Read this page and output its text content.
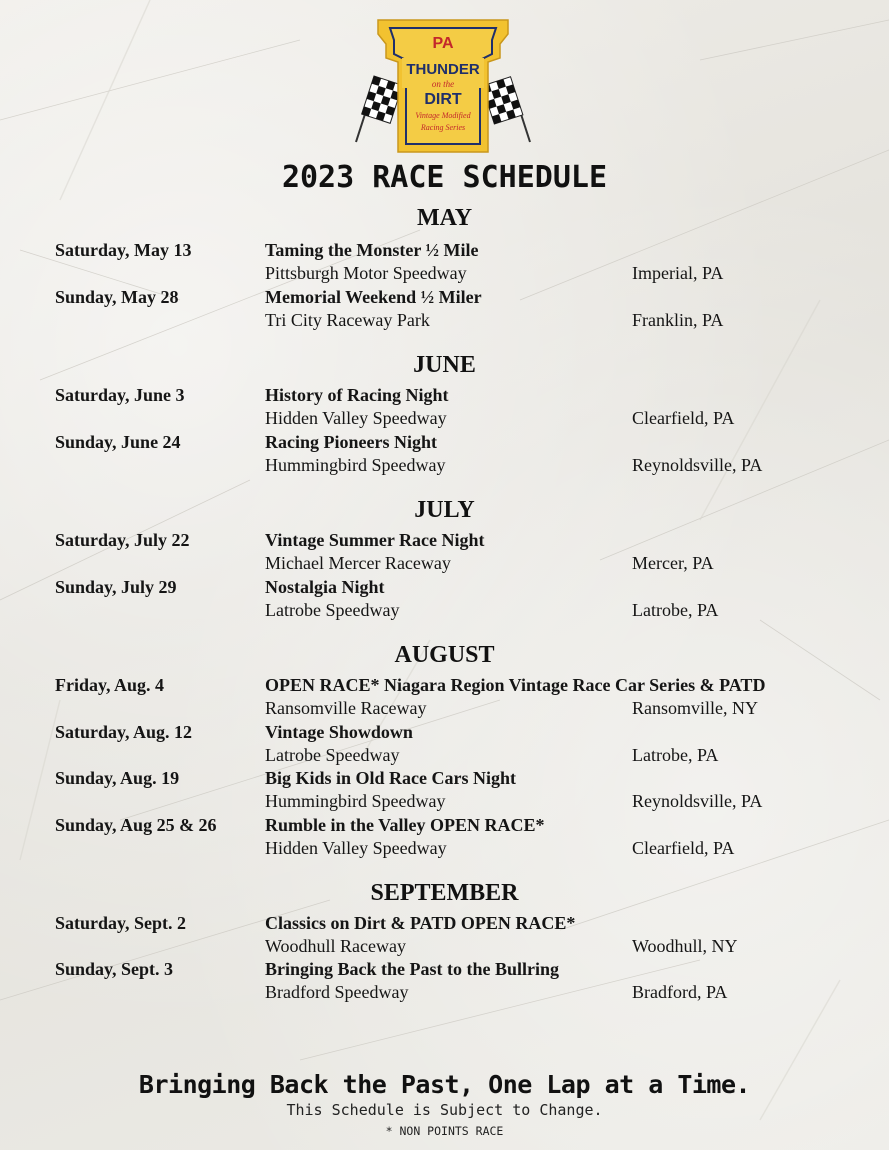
PA
THUNDER
on the
DIRT
Vintage Modified
Racing Series
2023 RACE SCHEDULE
MAY
Saturday, May 13	Taming the Monster ½ Mile
Pittsburgh Motor Speedway	Imperial, PA
Sunday, May 28	Memorial Weekend ½ Miler
Tri City Raceway Park	Franklin, PA
JUNE
Saturday, June 3	History of Racing Night
Hidden Valley Speedway	Clearfield, PA
Sunday, June 24	Racing Pioneers Night
Hummingbird Speedway	Reynoldsville, PA
JULY
Saturday, July 22	Vintage Summer Race Night
Michael Mercer Raceway	Mercer, PA
Sunday, July 29	Nostalgia Night
Latrobe Speedway	Latrobe, PA
AUGUST
Friday, Aug. 4	OPEN RACE* Niagara Region Vintage Race Car Series & PATD
Ransomville Raceway	Ransomville, NY
Saturday, Aug. 12	Vintage Showdown
Latrobe Speedway	Latrobe, PA
Sunday, Aug. 19	Big Kids in Old Race Cars Night
Hummingbird Speedway	Reynoldsville, PA
Sunday, Aug 25 & 26	Rumble in the Valley OPEN RACE*
Hidden Valley Speedway	Clearfield, PA
SEPTEMBER
Saturday, Sept. 2	Classics on Dirt & PATD OPEN RACE*
Woodhull Raceway	Woodhull, NY
Sunday, Sept. 3	Bringing Back the Past to the Bullring
Bradford Speedway	Bradford, PA
Bringing Back the Past, One Lap at a Time.
This Schedule is Subject to Change.
* NON POINTS RACE
